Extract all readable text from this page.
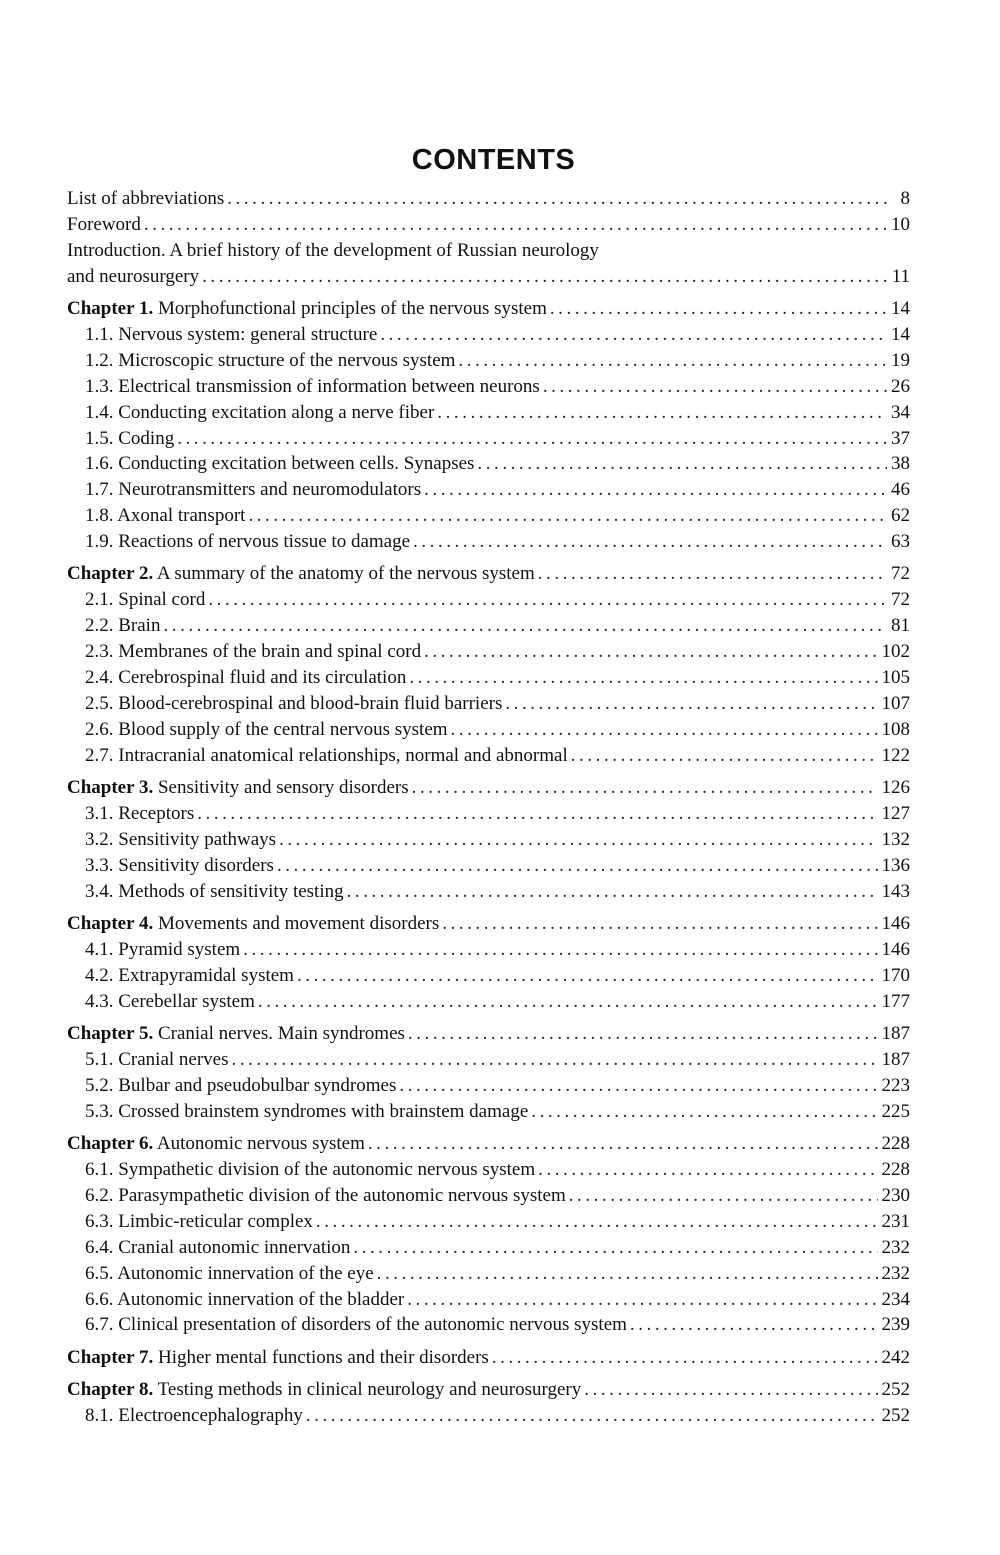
CONTENTS
List of abbreviations . . .	8
Foreword . . .	10
Introduction. A brief history of the development of Russian neurology
and neurosurgery . . .	11
Chapter 1. Morphofunctional principles of the nervous system . . .	14
1.1. Nervous system: general structure . . .	14
1.2. Microscopic structure of the nervous system . . .	19
1.3. Electrical transmission of information between neurons . . .	26
1.4. Conducting excitation along a nerve fiber . . .	34
1.5. Coding . . .	37
1.6. Conducting excitation between cells. Synapses . . .	38
1.7. Neurotransmitters and neuromodulators . . .	46
1.8. Axonal transport . . .	62
1.9. Reactions of nervous tissue to damage . . .	63
Chapter 2. A summary of the anatomy of the nervous system . . .	72
2.1. Spinal cord . . .	72
2.2. Brain . . .	81
2.3. Membranes of the brain and spinal cord . . .	102
2.4. Cerebrospinal fluid and its circulation . . .	105
2.5. Blood-cerebrospinal and blood-brain fluid barriers . . .	107
2.6. Blood supply of the central nervous system . . .	108
2.7. Intracranial anatomical relationships, normal and abnormal . . .	122
Chapter 3. Sensitivity and sensory disorders . . .	126
3.1. Receptors . . .	127
3.2. Sensitivity pathways . . .	132
3.3. Sensitivity disorders . . .	136
3.4. Methods of sensitivity testing . . .	143
Chapter 4. Movements and movement disorders . . .	146
4.1. Pyramid system . . .	146
4.2. Extrapyramidal system . . .	170
4.3. Cerebellar system . . .	177
Chapter 5. Cranial nerves. Main syndromes . . .	187
5.1. Cranial nerves . . .	187
5.2. Bulbar and pseudobulbar syndromes . . .	223
5.3. Crossed brainstem syndromes with brainstem damage . . .	225
Chapter 6. Autonomic nervous system . . .	228
6.1. Sympathetic division of the autonomic nervous system . . .	228
6.2. Parasympathetic division of the autonomic nervous system . . .	230
6.3. Limbic-reticular complex . . .	231
6.4. Cranial autonomic innervation . . .	232
6.5. Autonomic innervation of the eye . . .	232
6.6. Autonomic innervation of the bladder . . .	234
6.7. Clinical presentation of disorders of the autonomic nervous system . . .	239
Chapter 7. Higher mental functions and their disorders . . .	242
Chapter 8. Testing methods in clinical neurology and neurosurgery . . .	252
8.1. Electroencephalography . . .	252
